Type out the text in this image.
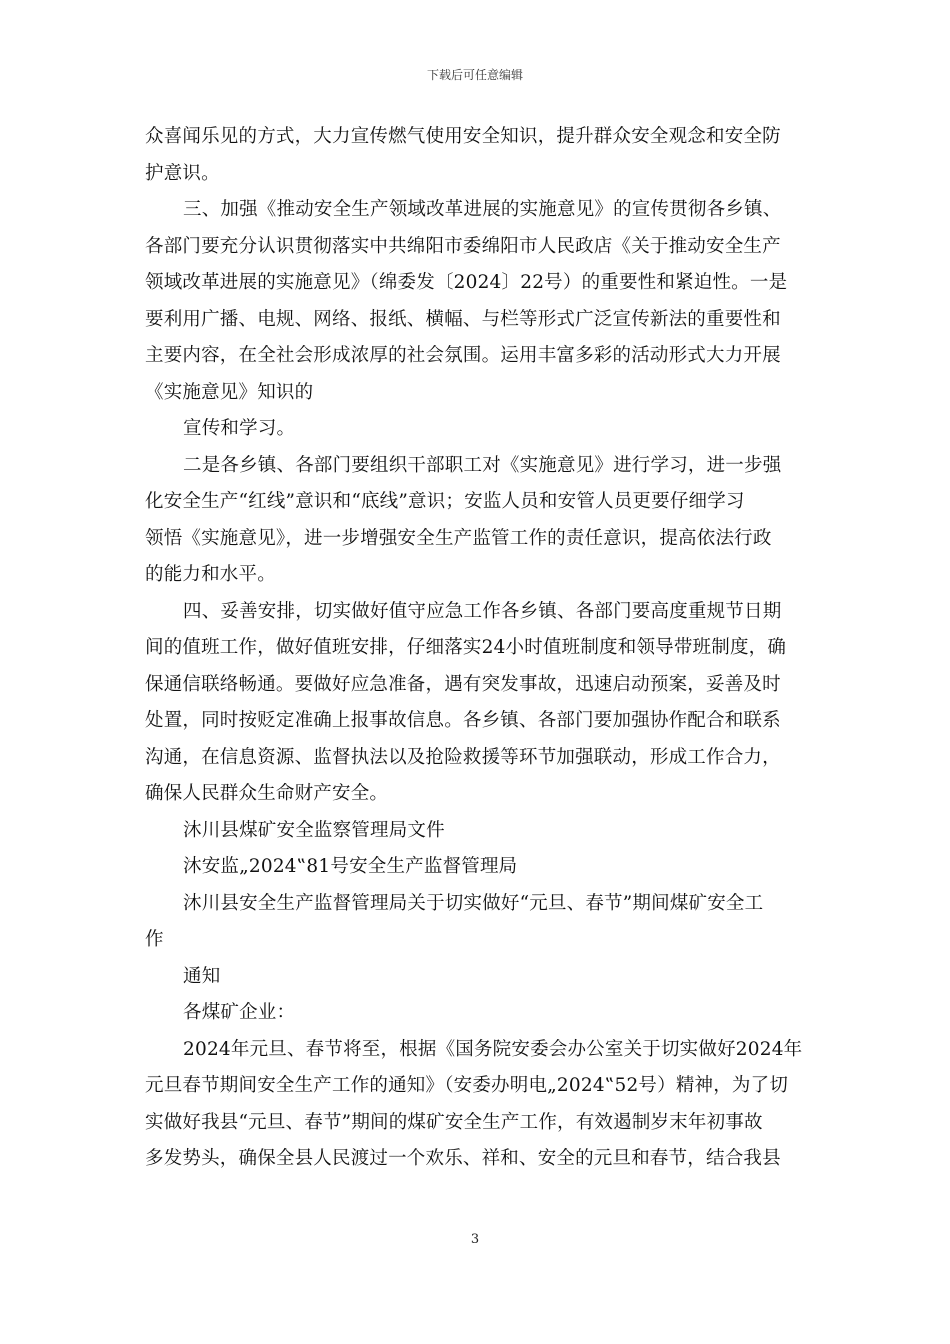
下载后可任意编辑
众喜闻乐见的方式，大力宣传燃气使用安全知识，提升群众安全观念和安全防
护意识。
三、加强《推动安全生产领域改革进展的实施意见》的宣传贯彻各乡镇、
各部门要充分认识贯彻落实中共绵阳市委绵阳市人民政店《关于推动安全生产
领域改革进展的实施意见》（绵委发〔2024〕22号）的重要性和紧迫性。一是
要利用广播、电规、网络、报纸、横幅、与栏等形式广泛宣传新法的重要性和
主要内容，在全社会形成浓厚的社会氛围。运用丰富多彩的活动形式大力开展
《实施意见》知识的
宣传和学习。
二是各乡镇、各部门要组织干部职工对《实施意见》进行学习，进一步强
化安全生产“红线”意识和“底线”意识；安监人员和安管人员更要仔细学习
领悟《实施意见》，进一步增强安全生产监管工作的责任意识，提高依法行政
的能力和水平。
四、妥善安排，切实做好值守应急工作各乡镇、各部门要高度重规节日期
间的值班工作，做好值班安排，仔细落实24小时值班制度和领导带班制度，确
保通信联络畅通。要做好应急准备，遇有突发事故，迅速启动预案，妥善及时
处置，同时按贬定准确上报事故信息。各乡镇、各部门要加强协作配合和联系
沟通，在信息资源、监督执法以及抢险救援等环节加强联动，形成工作合力，
确保人民群众生命财产安全。
沐川县煤矿安全监察管理局文件
沐安监„2024‟81号安全生产监督管理局
沐川县安全生产监督管理局关于切实做好“元旦、春节”期间煤矿安全工
作
通知
各煤矿企业：
2024年元旦、春节将至，根据《国务院安委会办公室关于切实做好2024年
元旦春节期间安全生产工作的通知》（安委办明电„2024‟52号）精神，为了切
实做好我县“元旦、春节”期间的煤矿安全生产工作，有效遏制岁末年初事故
多发势头，确保全县人民渡过一个欢乐、祥和、安全的元旦和春节，结合我县
3
